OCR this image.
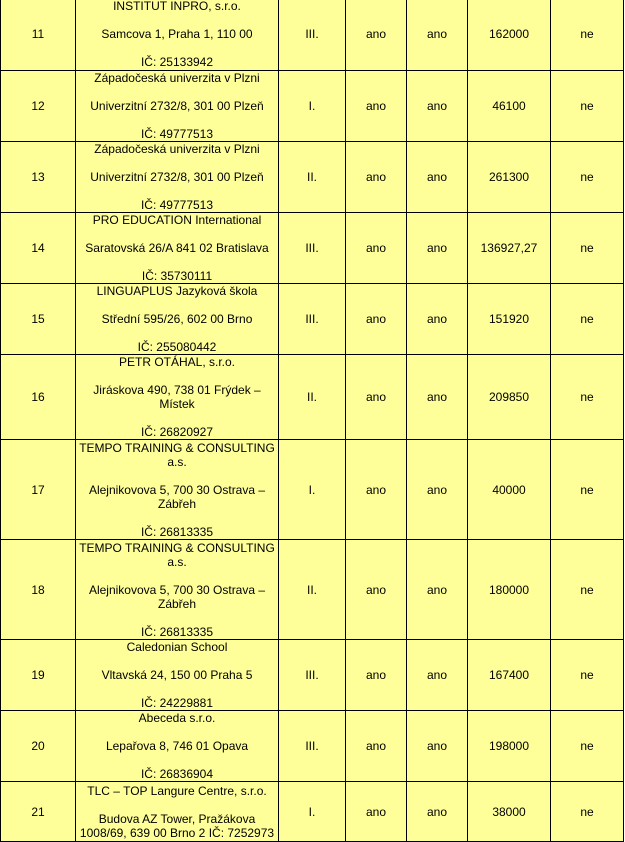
11	INSTITUT INPRO, s.r.o.
Samcova 1, Praha 1, 110 00
IČ: 25133942	III.	ano	ano	162000	ne
12	Západočeská univerzita v Plzni
Univerzitní 2732/8, 301 00 Plzeň
IČ: 49777513	I.	ano	ano	46100	ne
13	Západočeská univerzita v Plzni
Univerzitní 2732/8, 301 00 Plzeň
IČ: 49777513	II.	ano	ano	261300	ne
14	PRO EDUCATION International
Saratovská 26/A 841 02 Bratislava
IČ: 35730111	III.	ano	ano	136927,27	ne
15	LINGUAPLUS Jazyková škola
Střední 595/26, 602 00 Brno
IČ: 255080442	III.	ano	ano	151920	ne
16	PETR OTÁHAL, s.r.o.
Jiráskova 490, 738 01 Frýdek – Místek
IČ: 26820927	II.	ano	ano	209850	ne
17	TEMPO TRAINING & CONSULTING a.s.
Alejnikovova 5, 700 30 Ostrava – Zábřeh
IČ: 26813335	I.	ano	ano	40000	ne
18	TEMPO TRAINING & CONSULTING a.s.
Alejnikovova 5, 700 30 Ostrava – Zábřeh
IČ: 26813335	II.	ano	ano	180000	ne
19	Caledonian School
Vltavská 24, 150 00 Praha 5
IČ: 24229881	III.	ano	ano	167400	ne
20	Abeceda s.r.o.
Lepařova 8, 746 01 Opava
IČ: 26836904	III.	ano	ano	198000	ne
21	TLC – TOP Langure Centre, s.r.o.
Budova AZ Tower, Pražákova 1008/69, 639 00 Brno 2 IČ: 7252973	I.	ano	ano	38000	ne
